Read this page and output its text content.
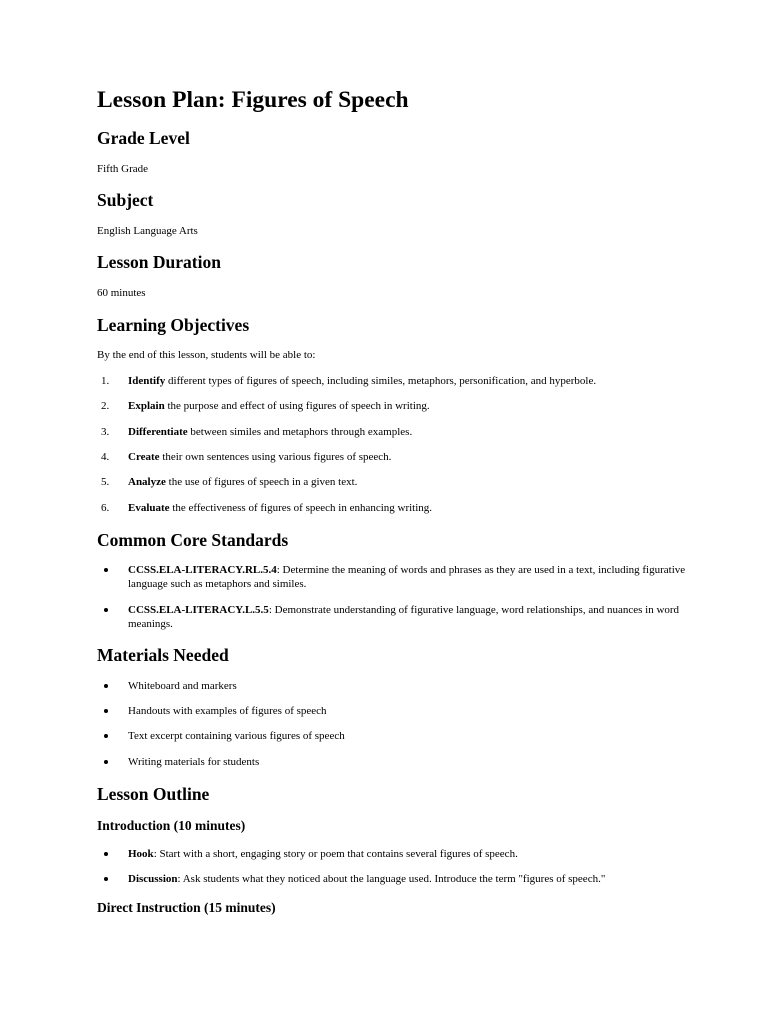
Lesson Plan: Figures of Speech
Grade Level
Fifth Grade
Subject
English Language Arts
Lesson Duration
60 minutes
Learning Objectives
By the end of this lesson, students will be able to:
1.	Identify different types of figures of speech, including similes, metaphors, personification, and hyperbole.
2.	Explain the purpose and effect of using figures of speech in writing.
3.	Differentiate between similes and metaphors through examples.
4.	Create their own sentences using various figures of speech.
5.	Analyze the use of figures of speech in a given text.
6.	Evaluate the effectiveness of figures of speech in enhancing writing.
Common Core Standards
CCSS.ELA-LITERACY.RL.5.4: Determine the meaning of words and phrases as they are used in a text, including figurative language such as metaphors and similes.
CCSS.ELA-LITERACY.L.5.5: Demonstrate understanding of figurative language, word relationships, and nuances in word meanings.
Materials Needed
Whiteboard and markers
Handouts with examples of figures of speech
Text excerpt containing various figures of speech
Writing materials for students
Lesson Outline
Introduction (10 minutes)
Hook: Start with a short, engaging story or poem that contains several figures of speech.
Discussion: Ask students what they noticed about the language used. Introduce the term "figures of speech."
Direct Instruction (15 minutes)
